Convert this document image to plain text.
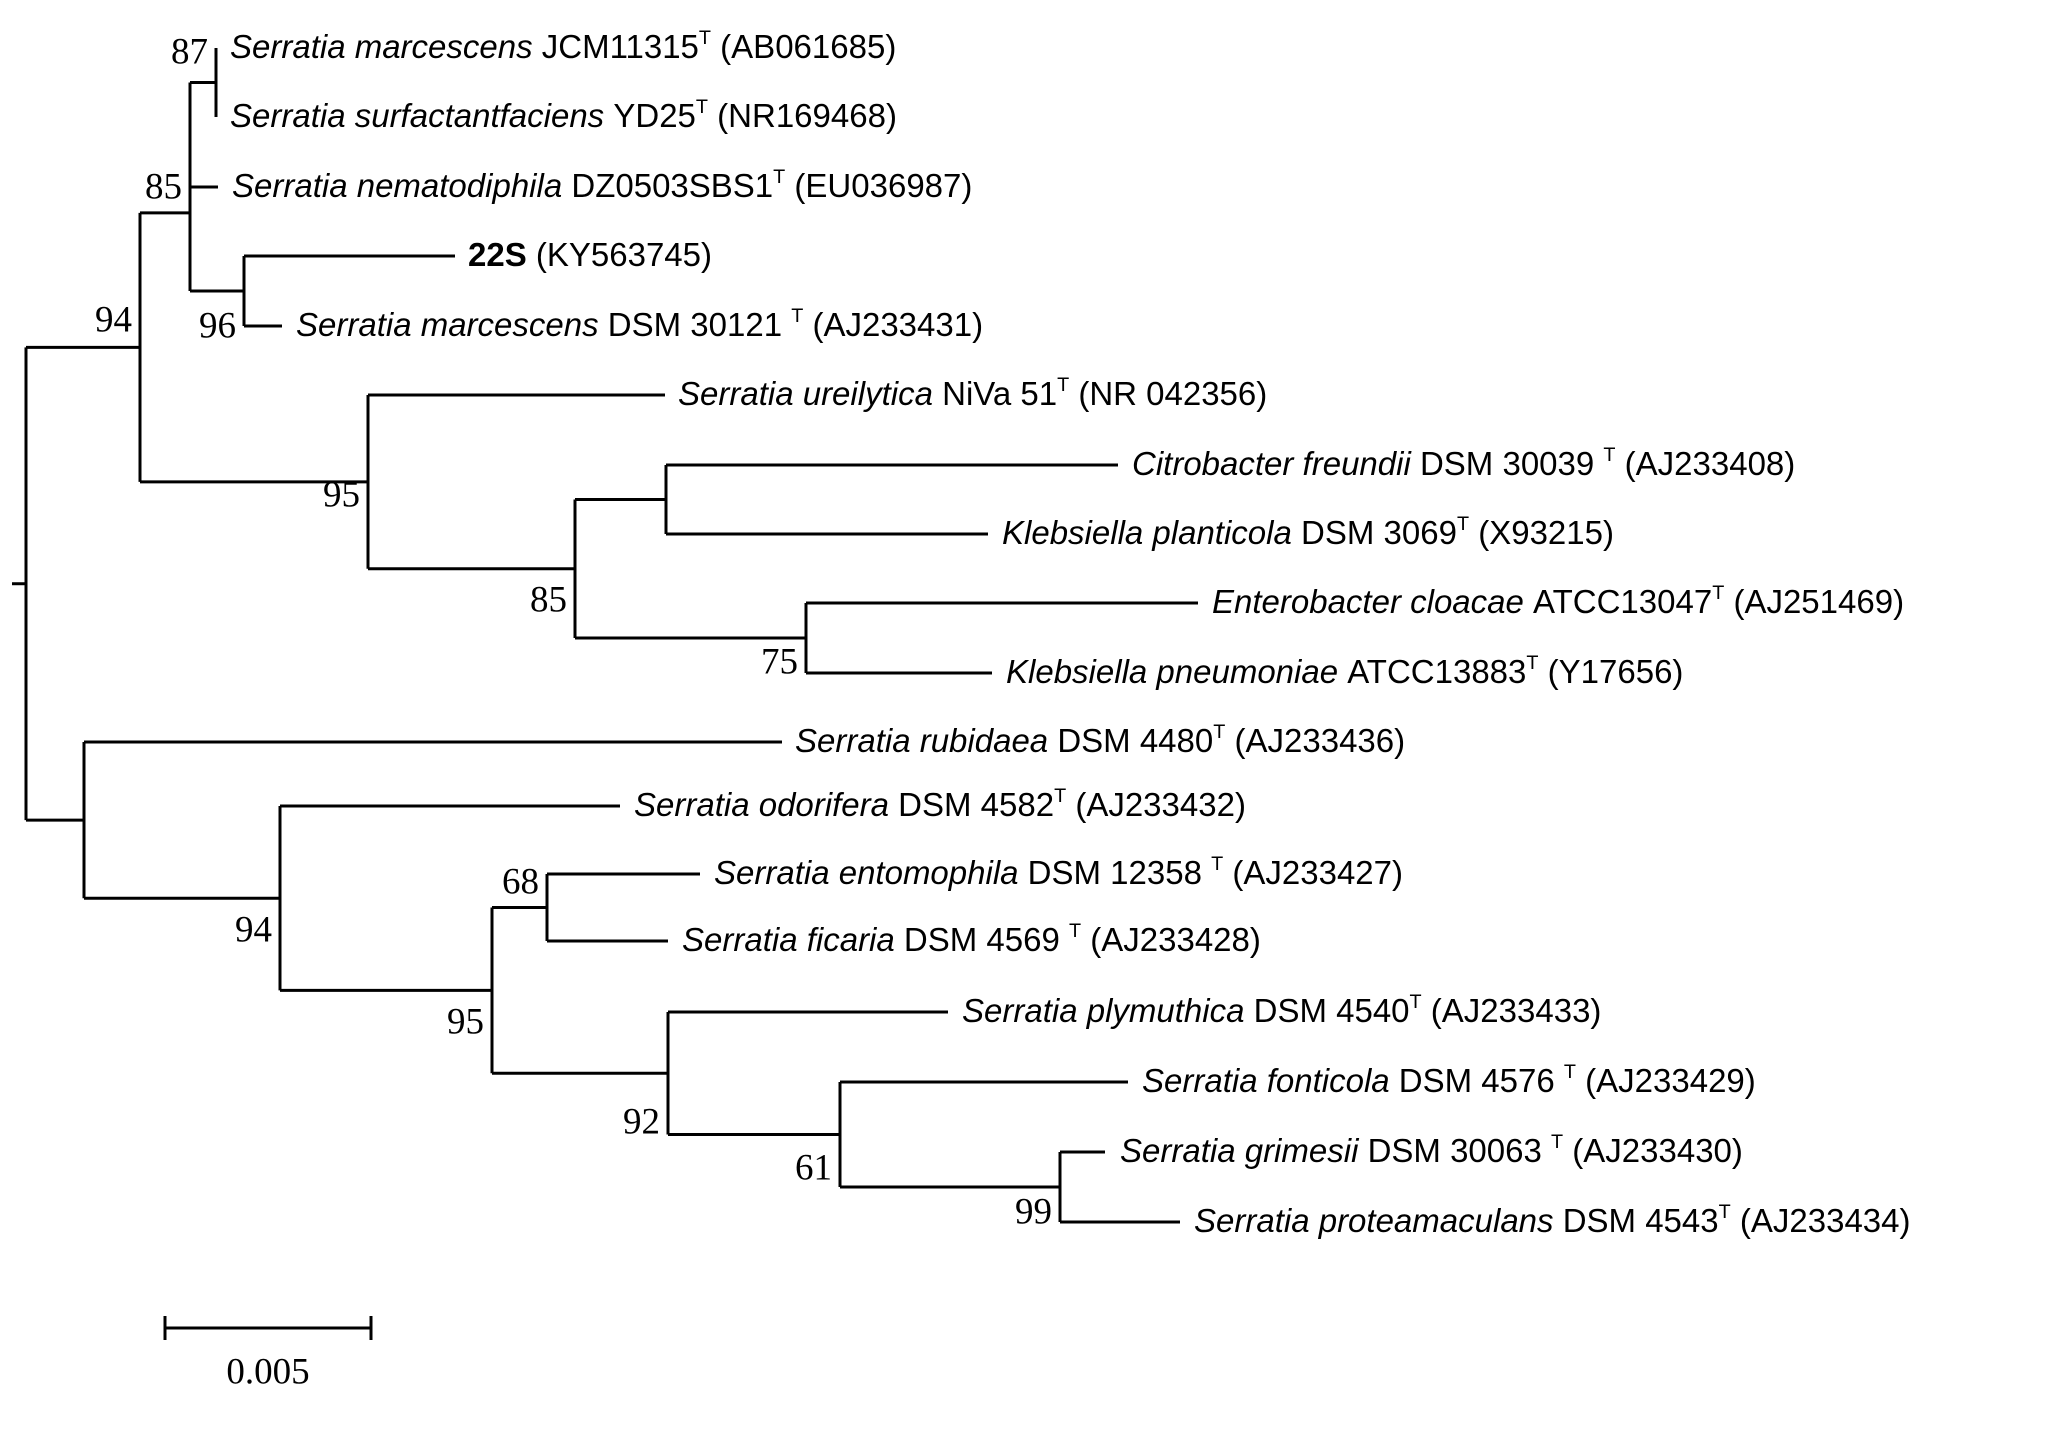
87
85
96
75
85
95
94
68
99
61
92
95
94
Serratia marcescens $JCM11315^T$ (AB061685)
Serratia surfactantfaciens $YD25^T$ (NR169468)
Serratia nematodiphila $DZ0503SBS1^T$ (EU036987)
22S (KY563745)
Serratia marcescens DSM 30121 $^T$ (AJ233431)
Serratia ureilytica NiVa $51^T$ (NR 042356)
Citrobacter freundii DSM 30039 $^T$ (AJ233408)
Klebsiella planticola DSM $3069^T$ (X93215)
Enterobacter cloacae $ATCC13047^T$ (AJ251469)
Klebsiella pneumoniae $ATCC13883^T$ (Y17656)
Serratia rubidaea DSM $4480^T$ (AJ233436)
Serratia odorifera DSM $4582^T$ (AJ233432)
Serratia entomophila DSM 12358 $^T$ (AJ233427)
Serratia ficaria DSM 4569 $^T$ (AJ233428)
Serratia plymuthica DSM $4540^T$ (AJ233433)
Serratia fonticola DSM 4576 $^T$ (AJ233429)
Serratia grimesii DSM 30063 $^T$ (AJ233430)
Serratia proteamaculans DSM $4543^T$ (AJ233434)
0.005
